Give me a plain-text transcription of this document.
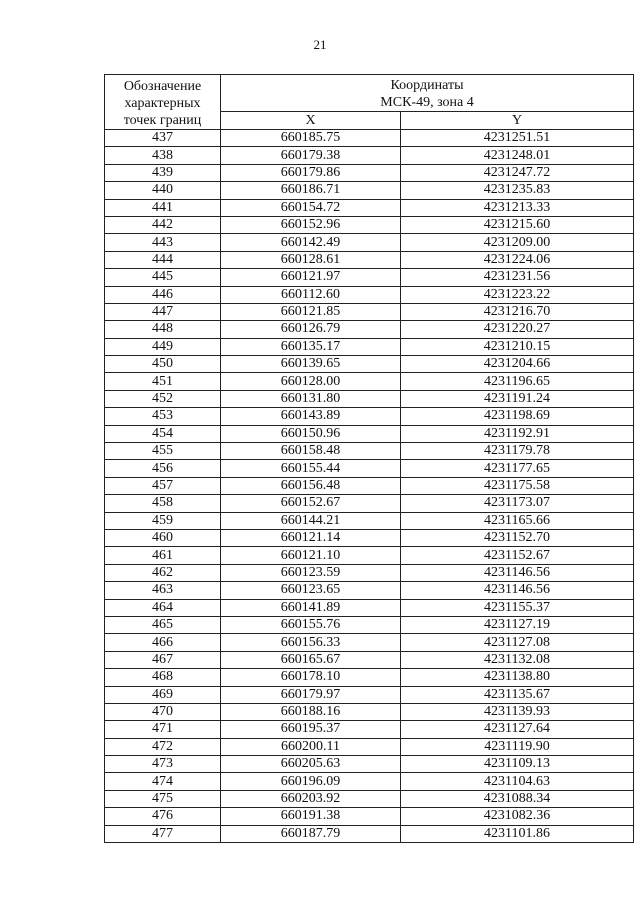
21
Обозначение
характерных
точек границ	Координаты
МСК-49, зона 4	

	X	Y
437	660185.75	4231251.51
438	660179.38	4231248.01
439	660179.86	4231247.72
440	660186.71	4231235.83
441	660154.72	4231213.33
442	660152.96	4231215.60
443	660142.49	4231209.00
444	660128.61	4231224.06
445	660121.97	4231231.56
446	660112.60	4231223.22
447	660121.85	4231216.70
448	660126.79	4231220.27
449	660135.17	4231210.15
450	660139.65	4231204.66
451	660128.00	4231196.65
452	660131.80	4231191.24
453	660143.89	4231198.69
454	660150.96	4231192.91
455	660158.48	4231179.78
456	660155.44	4231177.65
457	660156.48	4231175.58
458	660152.67	4231173.07
459	660144.21	4231165.66
460	660121.14	4231152.70
461	660121.10	4231152.67
462	660123.59	4231146.56
463	660123.65	4231146.56
464	660141.89	4231155.37
465	660155.76	4231127.19
466	660156.33	4231127.08
467	660165.67	4231132.08
468	660178.10	4231138.80
469	660179.97	4231135.67
470	660188.16	4231139.93
471	660195.37	4231127.64
472	660200.11	4231119.90
473	660205.63	4231109.13
474	660196.09	4231104.63
475	660203.92	4231088.34
476	660191.38	4231082.36
477	660187.79	4231101.86
